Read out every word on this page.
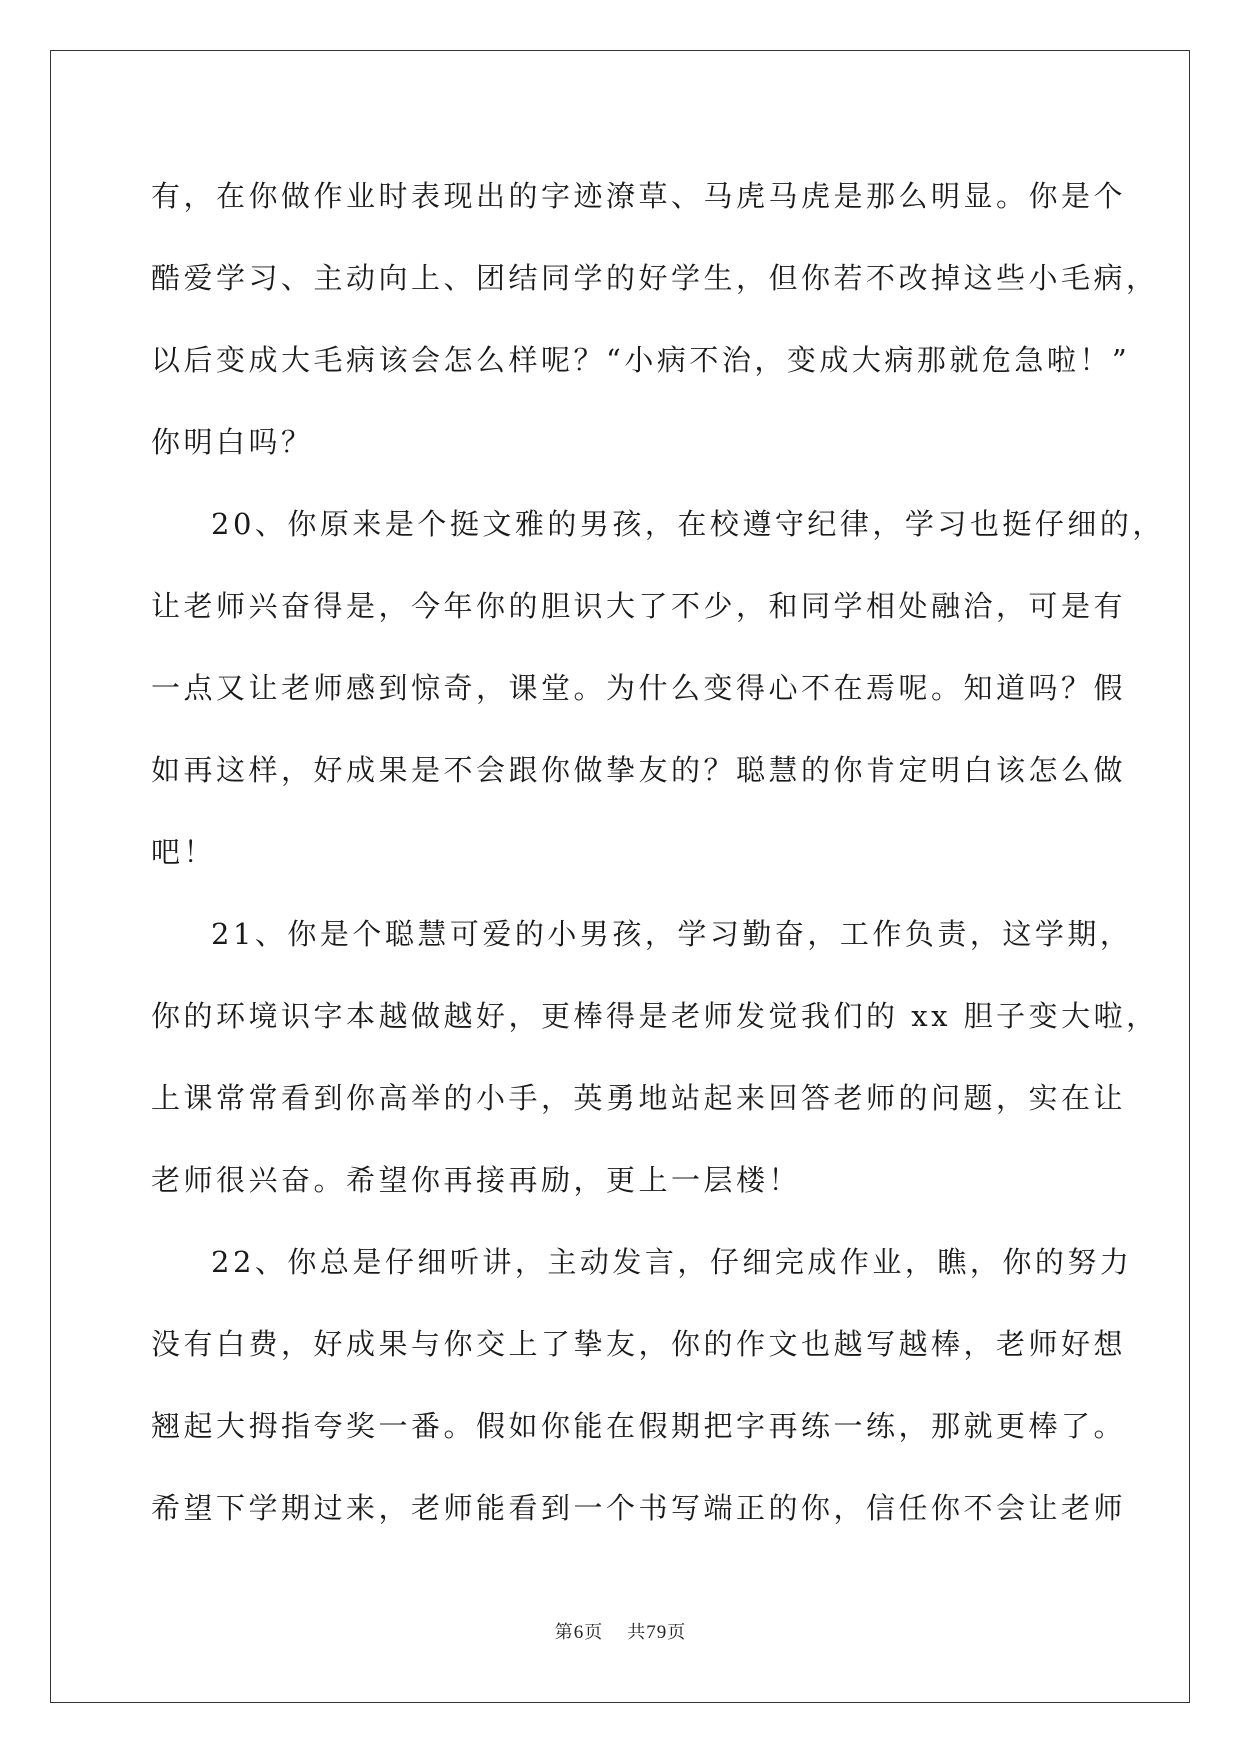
有，在你做作业时表现出的字迹潦草、马虎马虎是那么明显。你是个
酷爱学习、主动向上、团结同学的好学生，但你若不改掉这些小毛病，
以后变成大毛病该会怎么样呢？“小病不治，变成大病那就危急啦！”
你明白吗？
20、你原来是个挺文雅的男孩，在校遵守纪律，学习也挺仔细的，
让老师兴奋得是，今年你的胆识大了不少，和同学相处融洽，可是有
一点又让老师感到惊奇，课堂。为什么变得心不在焉呢。知道吗？假
如再这样，好成果是不会跟你做挚友的？聪慧的你肯定明白该怎么做
吧！
21、你是个聪慧可爱的小男孩，学习勤奋，工作负责，这学期，
你的环境识字本越做越好，更棒得是老师发觉我们的 xx 胆子变大啦，
上课常常看到你高举的小手，英勇地站起来回答老师的问题，实在让
老师很兴奋。希望你再接再励，更上一层楼！
22、你总是仔细听讲，主动发言，仔细完成作业，瞧，你的努力
没有白费，好成果与你交上了挚友，你的作文也越写越棒，老师好想
翘起大拇指夸奖一番。假如你能在假期把字再练一练，那就更棒了。
希望下学期过来，老师能看到一个书写端正的你，信任你不会让老师
第6页 共79页
